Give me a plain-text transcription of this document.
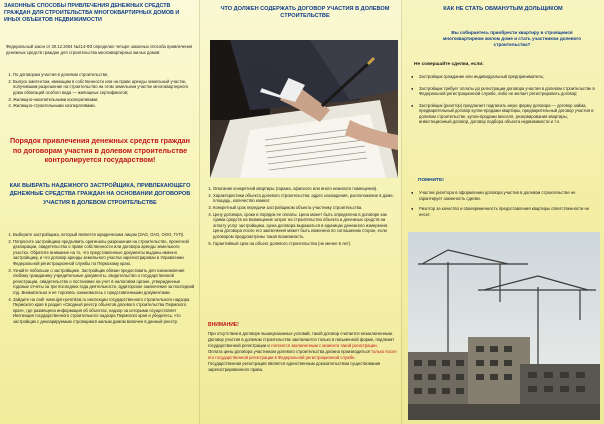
ЗАКОННЫЕ СПОСОБЫ ПРИВЛЕЧЕНИЯ ДЕНЕЖНЫХ СРЕДСТВ ГРАЖДАН ДЛЯ СТРОИТЕЛЬСТВА МНОГОКВАРТИРНЫХ ДОМОВ И ИНЫХ ОБЪЕКТОВ НЕДВИЖИМОСТИ
Федеральный закон от 30.12.2004 №214-ФЗ определил четыре законных способа привлечения денежных средств граждан для строительства многоквартирных жилых домов:
1. По договорам участия в долевом строительстве;
2. Выпуск эмитентом, имеющим в собственности или на праве аренды земельный участок, получившим разрешение на строительство на этом земельном участке многоквартирного дома облигаций особого вида — жилищных сертификатов;
3. Жилищно-накопительными кооперативами;
4. Жилищно-строительными кооперативами.
Порядок привлечения денежных средств граждан по договорам участия в долевом строительстве контролируется государством!
КАК ВЫБРАТЬ НАДЕЖНОГО ЗАСТРОЙЩИКА, ПРИВЛЕКАЮЩЕГО ДЕНЕЖНЫЕ СРЕДСТВА ГРАЖДАН НА ОСНОВАНИИ ДОГОВОРОВ УЧАСТИЯ В ДОЛЕВОМ СТРОИТЕЛЬСТВЕ
1. Выберите застройщика, который является юридическим лицом (ЗАО, ОАО, ООО, ГУП).
2. Попросите застройщика предъявить оригиналы разрешения на строительство, проектной декларации, свидетельства о праве собственности или договора аренды земельного участка. Обратите внимание на то, что представленные документы выданы именно застройщику, и что договор аренды земельного участка зарегистрирован в Управлении Федеральной регистрационной службы по Пермскому краю.
3. Узнайте побольше о застройщике. Застройщик обязан предоставить для ознакомления любому гражданину учредительные документы, свидетельство о государственной регистрации, свидетельство о постановке на учет в налоговом органе, утвержденные годовые отчеты за три последних года деятельности, аудиторское заключение за последний год. Внимательно и не торопясь ознакомьтесь с представленными документами.
4. Зайдите на сайт www.igsn-permkrai.ru инспекции государственного строительного надзора Пермского края в раздел «Сводный реестр объектов долевого строительства Пермского края», где размещена информация об объектах, надзор за которыми осуществляет Инспекция государственного строительного надзора Пермского края и убедитесь, что застройщик с декларируемым строящимся жилым домом включен в данный реестр.
ЧТО ДОЛЖЕН СОДЕРЖАТЬ ДОГОВОР УЧАСТИЯ В ДОЛЕВОМ СТРОИТЕЛЬСТВЕ
1. Описание конкретной квартиры (гаража, офисного или иного нежилого помещения).
2. Характеристики объекта долевого строительства: адрес нахождения, расположение в доме, площадь, количество комнат.
3. Конкретный срок передачи застройщиком объекта участнику строительства.
4. Цену договора, сроки и порядок ее оплаты. Цена может быть определена в договоре как сумма средств на возмещение затрат на строительство объекта и денежных средств на оплату услуг застройщика. Цена договора выражаться в единицах денежного измерения. Цена договора после его заключения может быть изменена по соглашению сторон, если договором предусмотрены такая возможность.
5. Гарантийный срок на объект долевого строительства (не менее 5 лет).
ВНИМАНИЕ!

При отсутствии в договоре вышеуказанных условий, такой договор считается незаключенным.

Договор участия в долевом строительстве заключается только в письменной форме, подлежит государственной регистрации и считается заключенным с момента такой регистрации.

Оплата цены договора участником долевого строительства должна производиться только после его государственной регистрации в Федеральной регистрационной службе.

Государственная регистрация является единственным доказательством существования зарегистрированного права.

КАК НЕ СТАТЬ ОБМАНУТЫМ ДОЛЬЩИКОМ
Вы собираетесь приобрести квартиру в строящемся многоквартирном жилом доме и стать участником долевого строительства?
Не совершайте сделки, если:
● Застройщик гражданин или индивидуальный предприниматель;
● Застройщик требует оплаты до регистрации договора участия в долевом строительстве в Федеральной регистрационной службе, либо не желает регистрировать договор;
● Застройщик (риэлтор) предлагает подписать иную форму договора — договор займа, предварительный договор купли-продажи квартиры, предварительный договор участия в долевом строительстве, купли-продажи векселя, резервирования квартиры, инвестиционный договор, договор подбора объекта недвижимости и т.п.
ПОМНИТЕ!
● Участие риэлтора в оформлении договора участия в долевом строительстве не гарантирует законность сделки.
● Риэлтор за качество и своевременность предоставления квартиры ответственности не несет.
